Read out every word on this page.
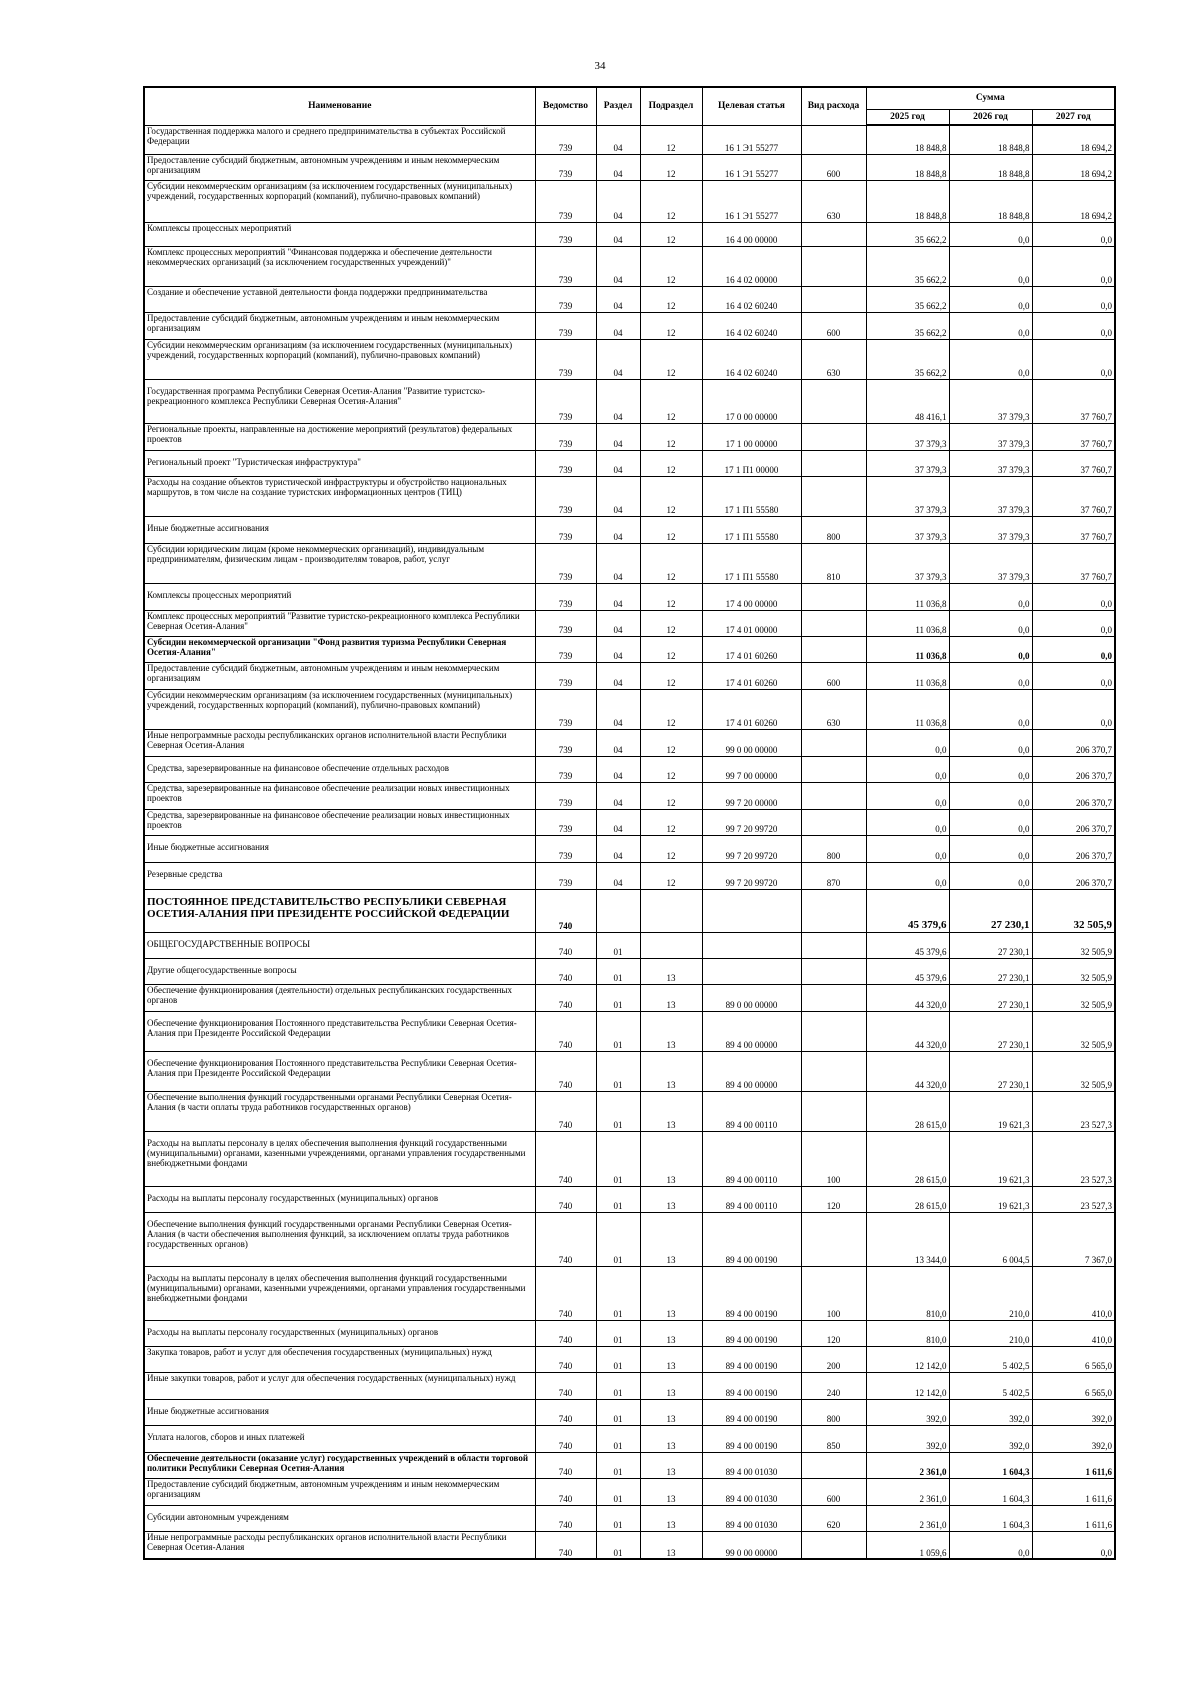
34
Наименование	Ведомство	Раздел	Подраздел	Целевая статья	Вид расхода	Сумма		
						2025 год	2026 год	2027 год
Государственная поддержка малого и среднего предпринимательства в субъектах Российской Федерации	739	04	12	16 1 Э1 55277		18 848,8	18 848,8	18 694,2
Предоставление субсидий бюджетным, автономным учреждениям и иным некоммерческим организациям	739	04	12	16 1 Э1 55277	600	18 848,8	18 848,8	18 694,2
Субсидии некоммерческим организациям (за исключением государственных (муниципальных) учреждений, государственных корпораций (компаний), публично-правовых компаний)	739	04	12	16 1 Э1 55277	630	18 848,8	18 848,8	18 694,2
Комплексы процессных мероприятий	739	04	12	16 4 00 00000		35 662,2	0,0	0,0
Комплекс процессных мероприятий "Финансовая поддержка и обеспечение деятельности некоммерческих организаций (за исключением государственных учреждений)"	739	04	12	16 4 02 00000		35 662,2	0,0	0,0
Создание и обеспечение уставной деятельности фонда поддержки предпринимательства	739	04	12	16 4 02 60240		35 662,2	0,0	0,0
Предоставление субсидий бюджетным, автономным учреждениям и иным некоммерческим организациям	739	04	12	16 4 02 60240	600	35 662,2	0,0	0,0
Субсидии некоммерческим организациям (за исключением государственных (муниципальных) учреждений, государственных корпораций (компаний), публично-правовых компаний)	739	04	12	16 4 02 60240	630	35 662,2	0,0	0,0
Государственная программа Республики Северная Осетия-Алания "Развитие туристско-рекреационного комплекса Республики Северная Осетия-Алания"	739	04	12	17 0 00 00000		48 416,1	37 379,3	37 760,7
Региональные проекты, направленные на достижение мероприятий (результатов) федеральных проектов	739	04	12	17 1 00 00000		37 379,3	37 379,3	37 760,7
Региональный проект "Туристическая инфраструктура"	739	04	12	17 1 П1 00000		37 379,3	37 379,3	37 760,7
Расходы на создание объектов туристической инфраструктуры и обустройство национальных маршрутов, в том числе на создание туристских информационных центров (ТИЦ)	739	04	12	17 1 П1 55580		37 379,3	37 379,3	37 760,7
Иные бюджетные ассигнования	739	04	12	17 1 П1 55580	800	37 379,3	37 379,3	37 760,7
Субсидии юридическим лицам (кроме некоммерческих организаций), индивидуальным предпринимателям, физическим лицам - производителям товаров, работ, услуг	739	04	12	17 1 П1 55580	810	37 379,3	37 379,3	37 760,7
Комплексы процессных мероприятий	739	04	12	17 4 00 00000		11 036,8	0,0	0,0
Комплекс процессных мероприятий "Развитие туристско-рекреационного комплекса Республики Северная Осетия-Алания"	739	04	12	17 4 01 00000		11 036,8	0,0	0,0
Субсидии некоммерческой организации "Фонд развития туризма Республики Северная Осетия-Алания"	739	04	12	17 4 01 60260		11 036,8	0,0	0,0
Предоставление субсидий бюджетным, автономным учреждениям и иным некоммерческим организациям	739	04	12	17 4 01 60260	600	11 036,8	0,0	0,0
Субсидии некоммерческим организациям (за исключением государственных (муниципальных) учреждений, государственных корпораций (компаний), публично-правовых компаний)	739	04	12	17 4 01 60260	630	11 036,8	0,0	0,0
Иные непрограммные расходы республиканских органов исполнительной власти Республики Северная Осетия-Алания	739	04	12	99 0 00 00000		0,0	0,0	206 370,7
Средства, зарезервированные на финансовое обеспечение отдельных расходов	739	04	12	99 7 00 00000		0,0	0,0	206 370,7
Средства, зарезервированные на финансовое обеспечение реализации новых инвестиционных проектов	739	04	12	99 7 20 00000		0,0	0,0	206 370,7
Средства, зарезервированные на финансовое обеспечение реализации новых инвестиционных проектов	739	04	12	99 7 20 99720		0,0	0,0	206 370,7
Иные бюджетные ассигнования	739	04	12	99 7 20 99720	800	0,0	0,0	206 370,7
Резервные средства	739	04	12	99 7 20 99720	870	0,0	0,0	206 370,7
ПОСТОЯННОЕ ПРЕДСТАВИТЕЛЬСТВО РЕСПУБЛИКИ СЕВЕРНАЯ ОСЕТИЯ-АЛАНИЯ ПРИ ПРЕЗИДЕНТЕ РОССИЙСКОЙ ФЕДЕРАЦИИ	740					45 379,6	27 230,1	32 505,9
ОБЩЕГОСУДАРСТВЕННЫЕ ВОПРОСЫ	740	01				45 379,6	27 230,1	32 505,9
Другие общегосударственные вопросы	740	01	13			45 379,6	27 230,1	32 505,9
Обеспечение функционирования (деятельности) отдельных республиканских государственных органов	740	01	13	89 0 00 00000		44 320,0	27 230,1	32 505,9
Обеспечение функционирования Постоянного представительства Республики Северная Осетия-Алания при Президенте Российской Федерации	740	01	13	89 4 00 00000		44 320,0	27 230,1	32 505,9
Обеспечение функционирования Постоянного представительства Республики Северная Осетия-Алания при Президенте Российской Федерации	740	01	13	89 4 00 00000		44 320,0	27 230,1	32 505,9
Обеспечение выполнения функций государственными органами Республики Северная Осетия-Алания (в части оплаты труда работников государственных органов)	740	01	13	89 4 00 00110		28 615,0	19 621,3	23 527,3
Расходы на выплаты персоналу в целях обеспечения выполнения функций государственными (муниципальными) органами, казенными учреждениями, органами управления государственными внебюджетными фондами	740	01	13	89 4 00 00110	100	28 615,0	19 621,3	23 527,3
Расходы на выплаты персоналу государственных (муниципальных) органов	740	01	13	89 4 00 00110	120	28 615,0	19 621,3	23 527,3
Обеспечение выполнения функций государственными органами Республики Северная Осетия-Алания (в части обеспечения выполнения функций, за исключением оплаты труда работников государственных органов)	740	01	13	89 4 00 00190		13 344,0	6 004,5	7 367,0
Расходы на выплаты персоналу в целях обеспечения выполнения функций государственными (муниципальными) органами, казенными учреждениями, органами управления государственными внебюджетными фондами	740	01	13	89 4 00 00190	100	810,0	210,0	410,0
Расходы на выплаты персоналу государственных (муниципальных) органов	740	01	13	89 4 00 00190	120	810,0	210,0	410,0
Закупка товаров, работ и услуг для обеспечения государственных (муниципальных) нужд	740	01	13	89 4 00 00190	200	12 142,0	5 402,5	6 565,0
Иные закупки товаров, работ и услуг для обеспечения государственных (муниципальных) нужд	740	01	13	89 4 00 00190	240	12 142,0	5 402,5	6 565,0
Иные бюджетные ассигнования	740	01	13	89 4 00 00190	800	392,0	392,0	392,0
Уплата налогов, сборов и иных платежей	740	01	13	89 4 00 00190	850	392,0	392,0	392,0
Обеспечение деятельности (оказание услуг) государственных учреждений в области торговой политики Республики Северная Осетия-Алания	740	01	13	89 4 00 01030		2 361,0	1 604,3	1 611,6
Предоставление субсидий бюджетным, автономным учреждениям и иным некоммерческим организациям	740	01	13	89 4 00 01030	600	2 361,0	1 604,3	1 611,6
Субсидии автономным учреждениям	740	01	13	89 4 00 01030	620	2 361,0	1 604,3	1 611,6
Иные непрограммные расходы республиканских органов исполнительной власти Республики Северная Осетия-Алания	740	01	13	99 0 00 00000		1 059,6	0,0	0,0
